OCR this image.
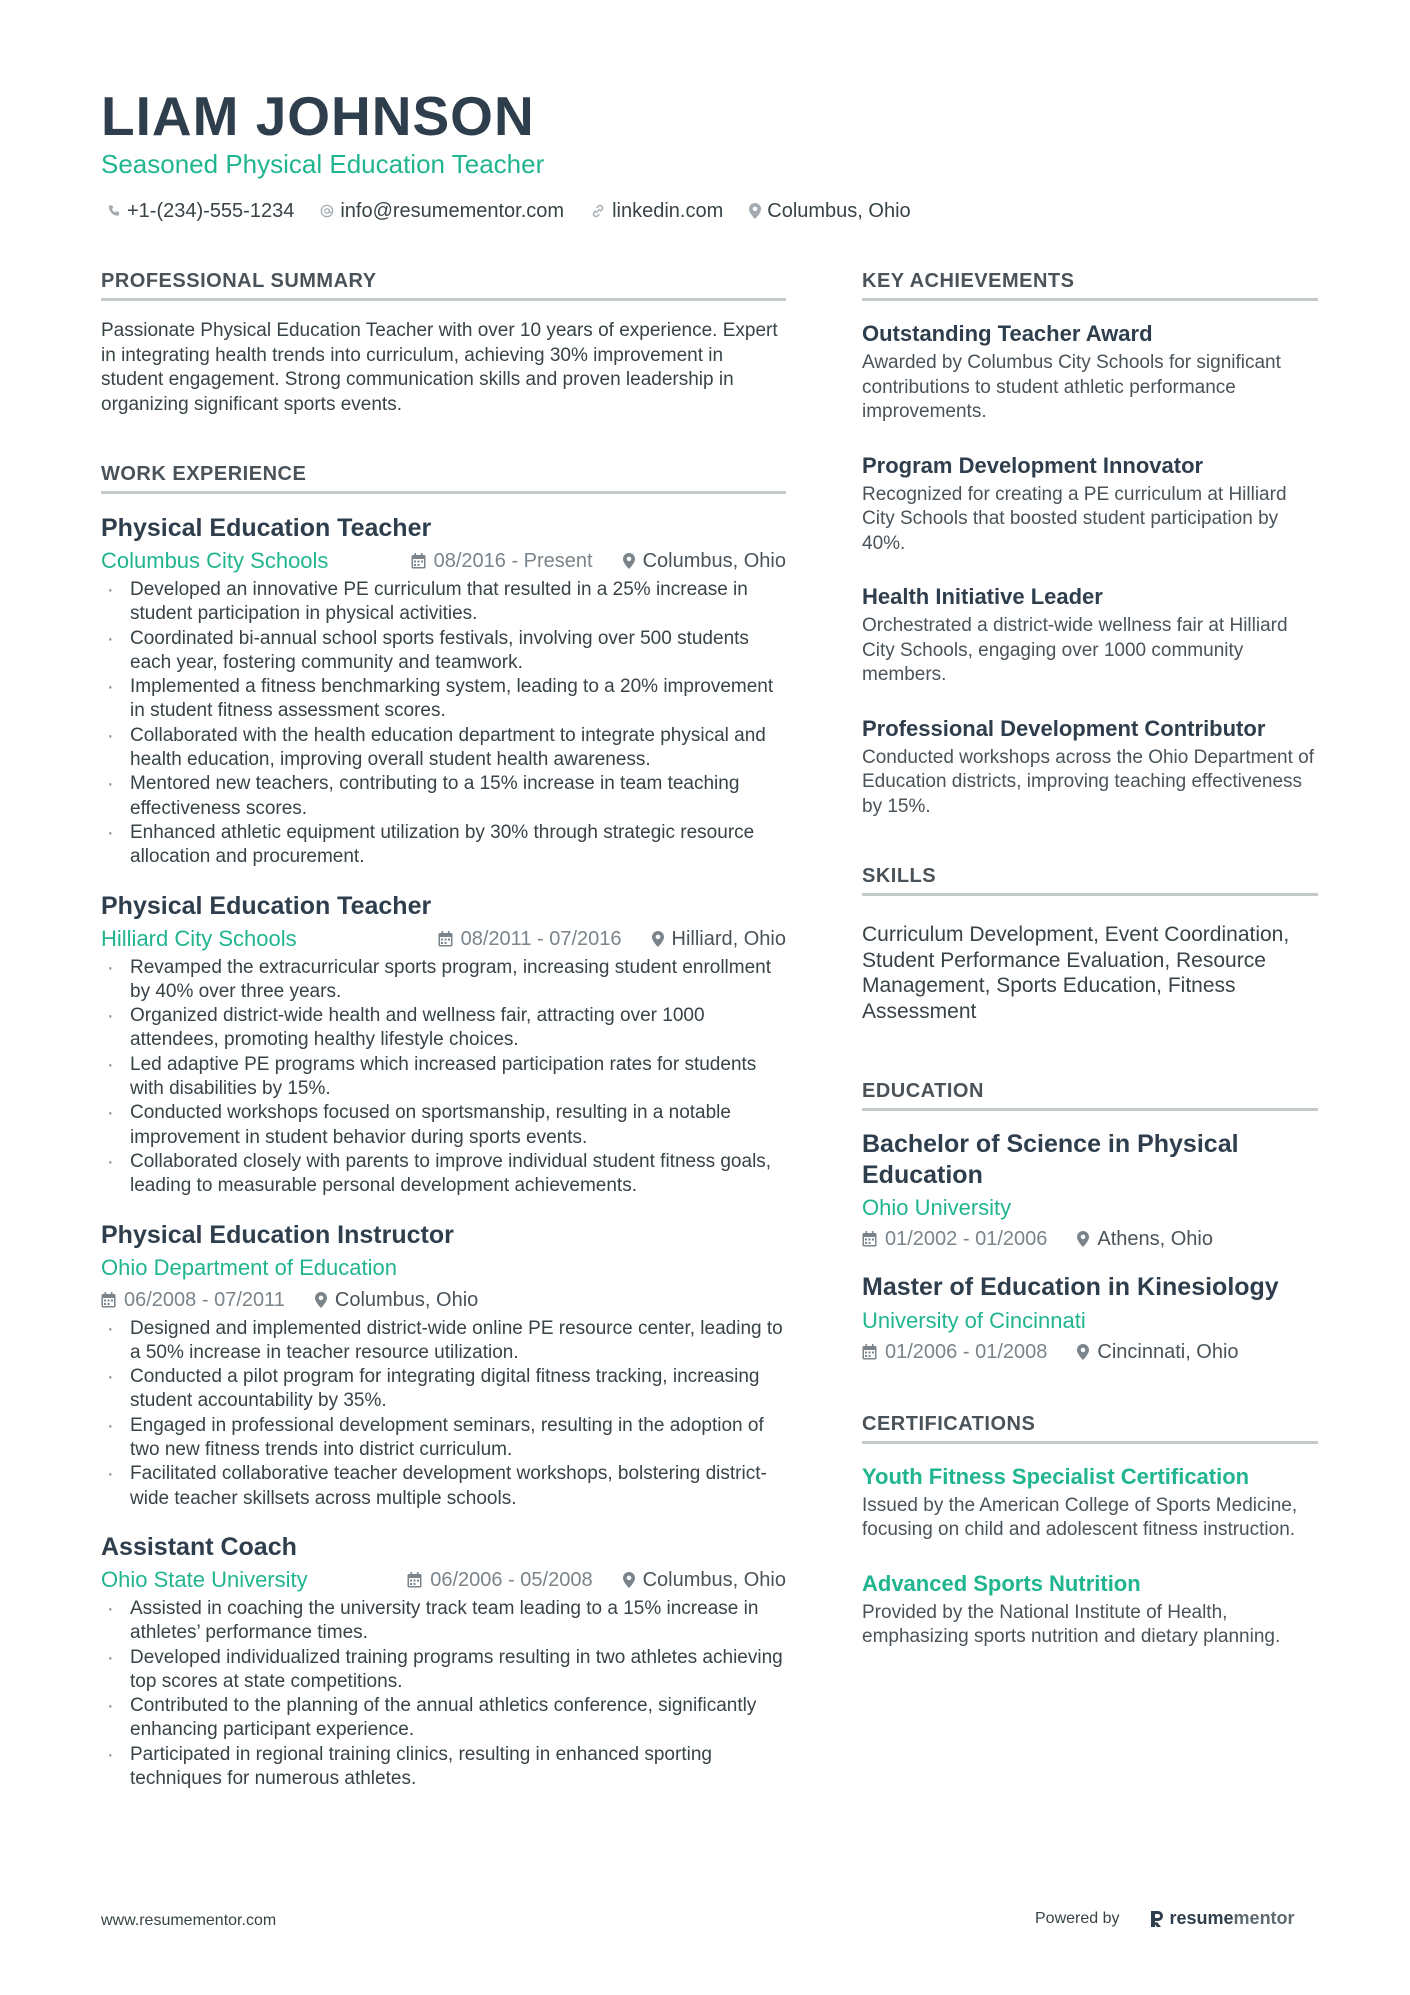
LIAM JOHNSON
Seasoned Physical Education Teacher
+1-(234)-555-1234 info@resumementor.com linkedin.com Columbus, Ohio
PROFESSIONAL SUMMARY

Passionate Physical Education Teacher with over 10 years of experience. Expert in integrating health trends into curriculum, achieving 30% improvement in student engagement. Strong communication skills and proven leadership in organizing significant sports events.

WORK EXPERIENCE
Physical Education Teacher
Columbus City Schools	08/2016 - Present	Columbus, Ohio
· Developed an innovative PE curriculum that resulted in a 25% increase in student participation in physical activities.
· Coordinated bi-annual school sports festivals, involving over 500 students each year, fostering community and teamwork.
· Implemented a fitness benchmarking system, leading to a 20% improvement in student fitness assessment scores.
· Collaborated with the health education department to integrate physical and health education, improving overall student health awareness.
· Mentored new teachers, contributing to a 15% increase in team teaching effectiveness scores.
· Enhanced athletic equipment utilization by 30% through strategic resource allocation and procurement.
Physical Education Teacher
Hilliard City Schools	08/2011 - 07/2016	Hilliard, Ohio
· Revamped the extracurricular sports program, increasing student enrollment by 40% over three years.
· Organized district-wide health and wellness fair, attracting over 1000 attendees, promoting healthy lifestyle choices.
· Led adaptive PE programs which increased participation rates for students with disabilities by 15%.
· Conducted workshops focused on sportsmanship, resulting in a notable improvement in student behavior during sports events.
· Collaborated closely with parents to improve individual student fitness goals, leading to measurable personal development achievements.
Physical Education Instructor
Ohio Department of Education
06/2008 - 07/2011	Columbus, Ohio
· Designed and implemented district-wide online PE resource center, leading to a 50% increase in teacher resource utilization.
· Conducted a pilot program for integrating digital fitness tracking, increasing student accountability by 35%.
· Engaged in professional development seminars, resulting in the adoption of two new fitness trends into district curriculum.
· Facilitated collaborative teacher development workshops, bolstering district-wide teacher skillsets across multiple schools.
Assistant Coach
Ohio State University	06/2006 - 05/2008	Columbus, Ohio
· Assisted in coaching the university track team leading to a 15% increase in athletes’ performance times.
· Developed individualized training programs resulting in two athletes achieving top scores at state competitions.
· Contributed to the planning of the annual athletics conference, significantly enhancing participant experience.
· Participated in regional training clinics, resulting in enhanced sporting techniques for numerous athletes.
KEY ACHIEVEMENTS
Outstanding Teacher Award

Awarded by Columbus City Schools for significant contributions to student athletic performance improvements.

Program Development Innovator

Recognized for creating a PE curriculum at Hilliard City Schools that boosted student participation by 40%.

Health Initiative Leader

Orchestrated a district-wide wellness fair at Hilliard City Schools, engaging over 1000 community members.

Professional Development Contributor

Conducted workshops across the Ohio Department of Education districts, improving teaching effectiveness by 15%.

SKILLS

Curriculum Development, Event Coordination, Student Performance Evaluation, Resource Management, Sports Education, Fitness Assessment

EDUCATION
Bachelor of Science in Physical Education
Ohio University
01/2002 - 01/2006	Athens, Ohio
Master of Education in Kinesiology
University of Cincinnati
01/2006 - 01/2008	Cincinnati, Ohio
CERTIFICATIONS
Youth Fitness Specialist Certification

Issued by the American College of Sports Medicine, focusing on child and adolescent fitness instruction.

Advanced Sports Nutrition

Provided by the National Institute of Health, emphasizing sports nutrition and dietary planning.

www.resumementor.com	Powered by	resume mentor
